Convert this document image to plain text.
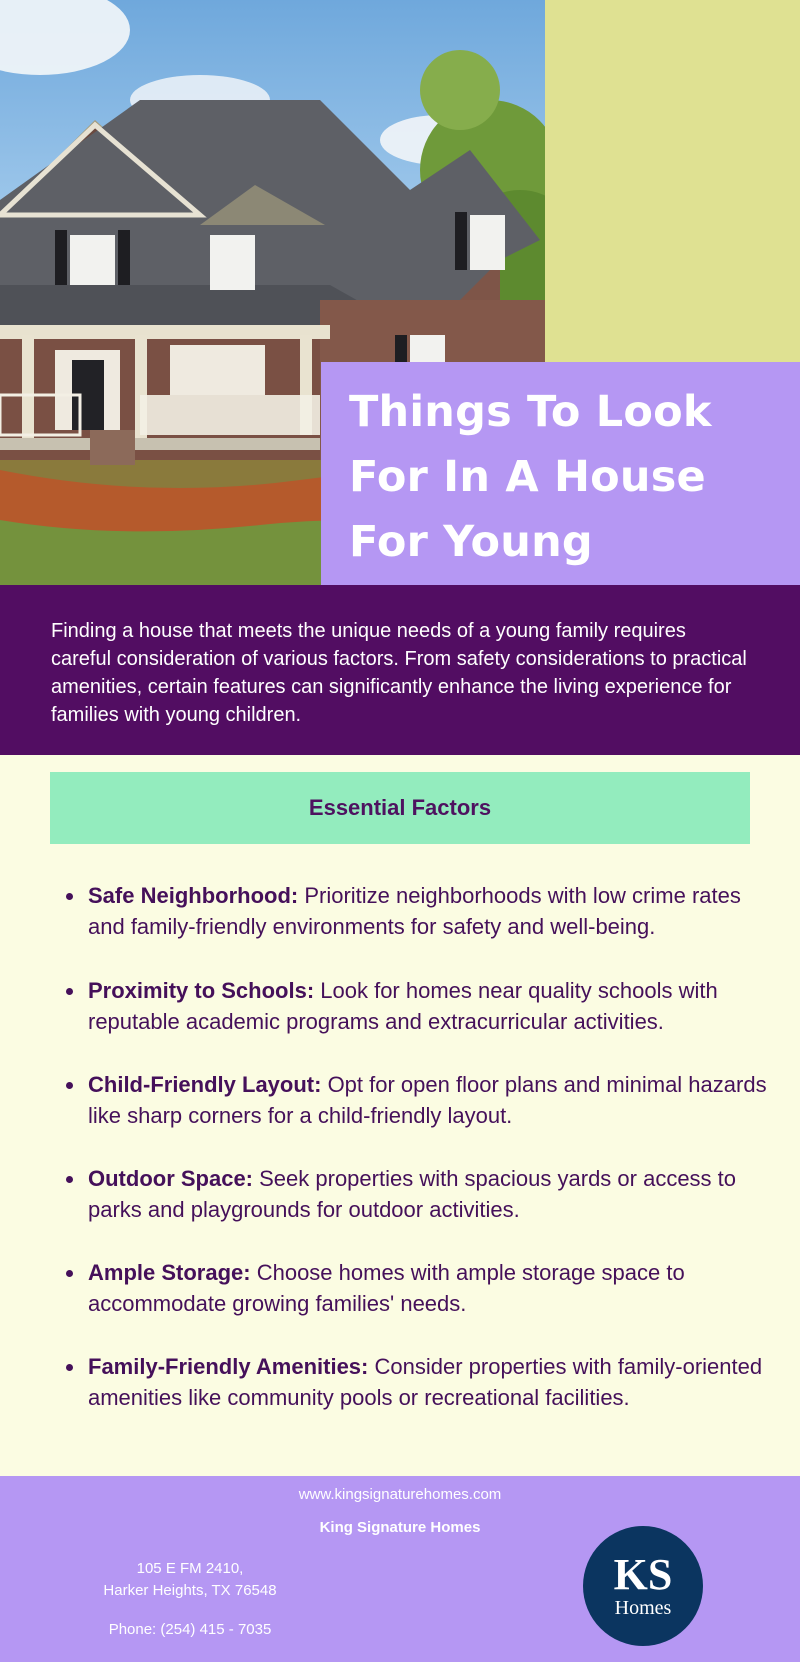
Things To Look For In A House For Young

Finding a house that meets the unique needs of a young family requires careful consideration of various factors. From safety considerations to practical amenities, certain features can significantly enhance the living experience for families with young children.

Essential Factors
Safe Neighborhood: Prioritize neighborhoods with low crime rates and family-friendly environments for safety and well-being.
Proximity to Schools: Look for homes near quality schools with reputable academic programs and extracurricular activities.
Child-Friendly Layout: Opt for open floor plans and minimal hazards like sharp corners for a child-friendly layout.
Outdoor Space: Seek properties with spacious yards or access to parks and playgrounds for outdoor activities.
Ample Storage: Choose homes with ample storage space to accommodate growing families' needs.
Family-Friendly Amenities: Consider properties with family-oriented amenities like community pools or recreational facilities.
www.kingsignaturehomes.com
King Signature Homes
105 E FM 2410,
Harker Heights, TX 76548
Phone: (254) 415 - 7035
KS
Homes
